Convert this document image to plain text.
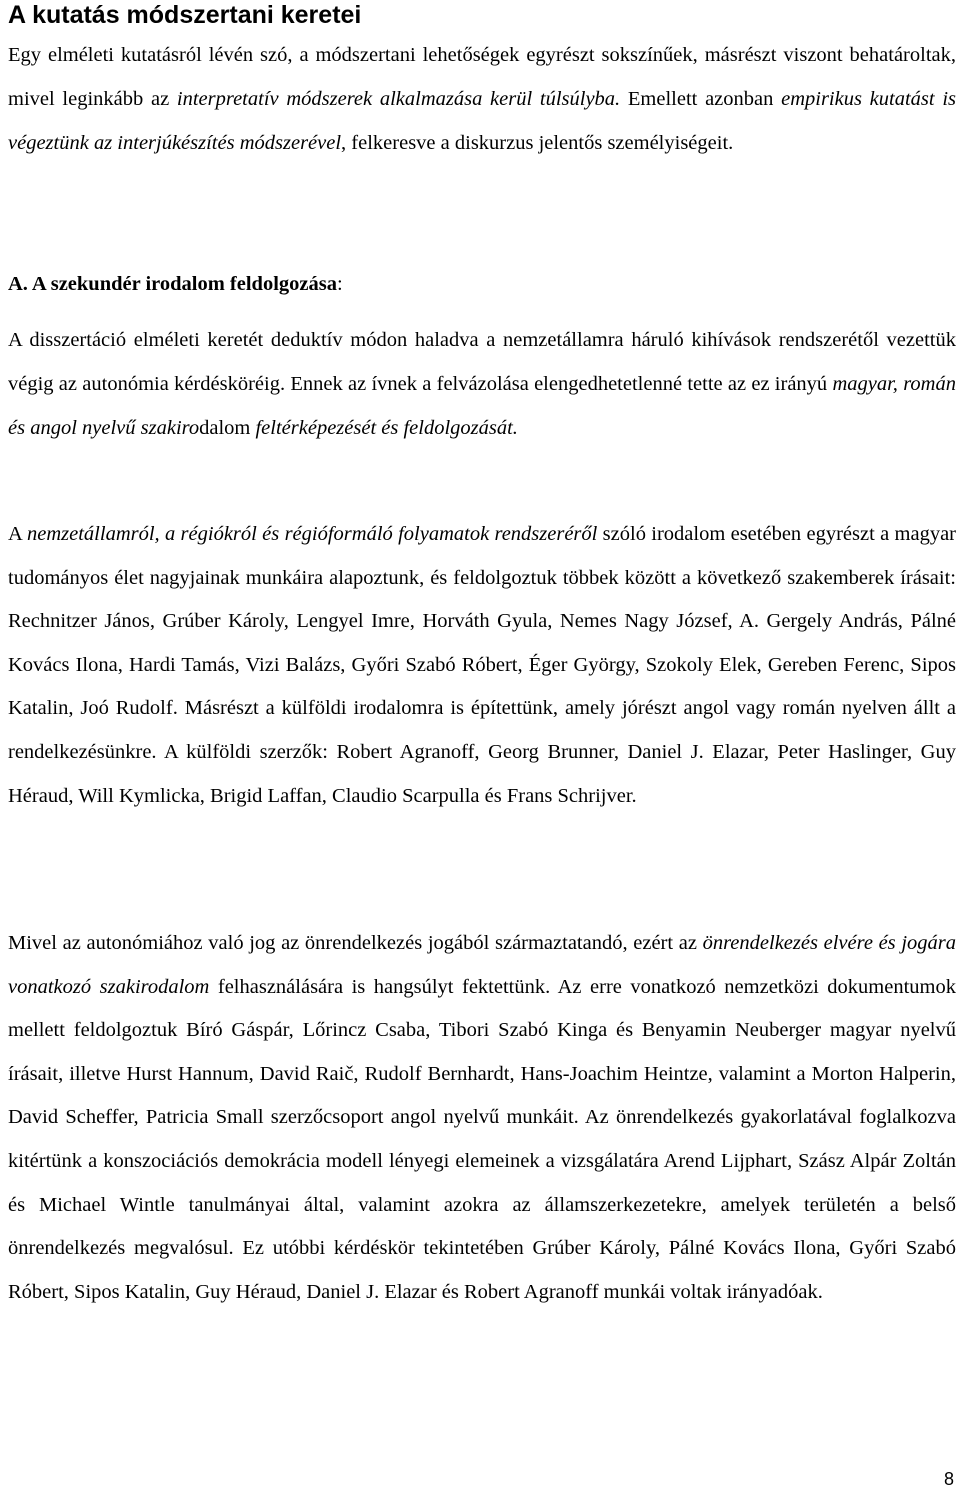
A kutatás módszertani keretei

Egy elméleti kutatásról lévén szó, a módszertani lehetőségek egyrészt sokszínűek, másrészt viszont behatároltak, mivel leginkább az interpretatív módszerek alkalmazása kerül túlsúlyba. Emellett azonban empirikus kutatást is végeztünk az interjúkészítés módszerével, felkeresve a diskurzus jelentős személyiségeit.

A. A szekundér irodalom feldolgozása:

A disszertáció elméleti keretét deduktív módon haladva a nemzetállamra háruló kihívások rendszerétől vezettük végig az autonómia kérdésköréig. Ennek az ívnek a felvázolása elengedhetetlenné tette az ez irányú magyar, román és angol nyelvű szakirodalom feltérképezését és feldolgozását.

A nemzetállamról, a régiókról és régióformáló folyamatok rendszeréről szóló irodalom esetében egyrészt a magyar tudományos élet nagyjainak munkáira alapoztunk, és feldolgoztuk többek között a következő szakemberek írásait: Rechnitzer János, Grúber Károly, Lengyel Imre, Horváth Gyula, Nemes Nagy József, A. Gergely András, Pálné Kovács Ilona, Hardi Tamás, Vizi Balázs, Győri Szabó Róbert, Éger György, Szokoly Elek, Gereben Ferenc, Sipos Katalin, Joó Rudolf. Másrészt a külföldi irodalomra is építettünk, amely jórészt angol vagy román nyelven állt a rendelkezésünkre. A külföldi szerzők: Robert Agranoff, Georg Brunner, Daniel J. Elazar, Peter Haslinger, Guy Héraud, Will Kymlicka, Brigid Laffan, Claudio Scarpulla és Frans Schrijver.

Mivel az autonómiához való jog az önrendelkezés jogából származtatandó, ezért az önrendelkezés elvére és jogára vonatkozó szakirodalom felhasználására is hangsúlyt fektettünk. Az erre vonatkozó nemzetközi dokumentumok mellett feldolgoztuk Bíró Gáspár, Lőrincz Csaba, Tibori Szabó Kinga és Benyamin Neuberger magyar nyelvű írásait, illetve Hurst Hannum, David Raič, Rudolf Bernhardt, Hans-Joachim Heintze, valamint a Morton Halperin, David Scheffer, Patricia Small szerzőcsoport angol nyelvű munkáit. Az önrendelkezés gyakorlatával foglalkozva kitértünk a konszociációs demokrácia modell lényegi elemeinek a vizsgálatára Arend Lijphart, Szász Alpár Zoltán és Michael Wintle tanulmányai által, valamint azokra az államszerkezetekre, amelyek területén a belső önrendelkezés megvalósul. Ez utóbbi kérdéskör tekintetében Grúber Károly, Pálné Kovács Ilona, Győri Szabó Róbert, Sipos Katalin, Guy Héraud, Daniel J. Elazar és Robert Agranoff munkái voltak irányadóak.

8
